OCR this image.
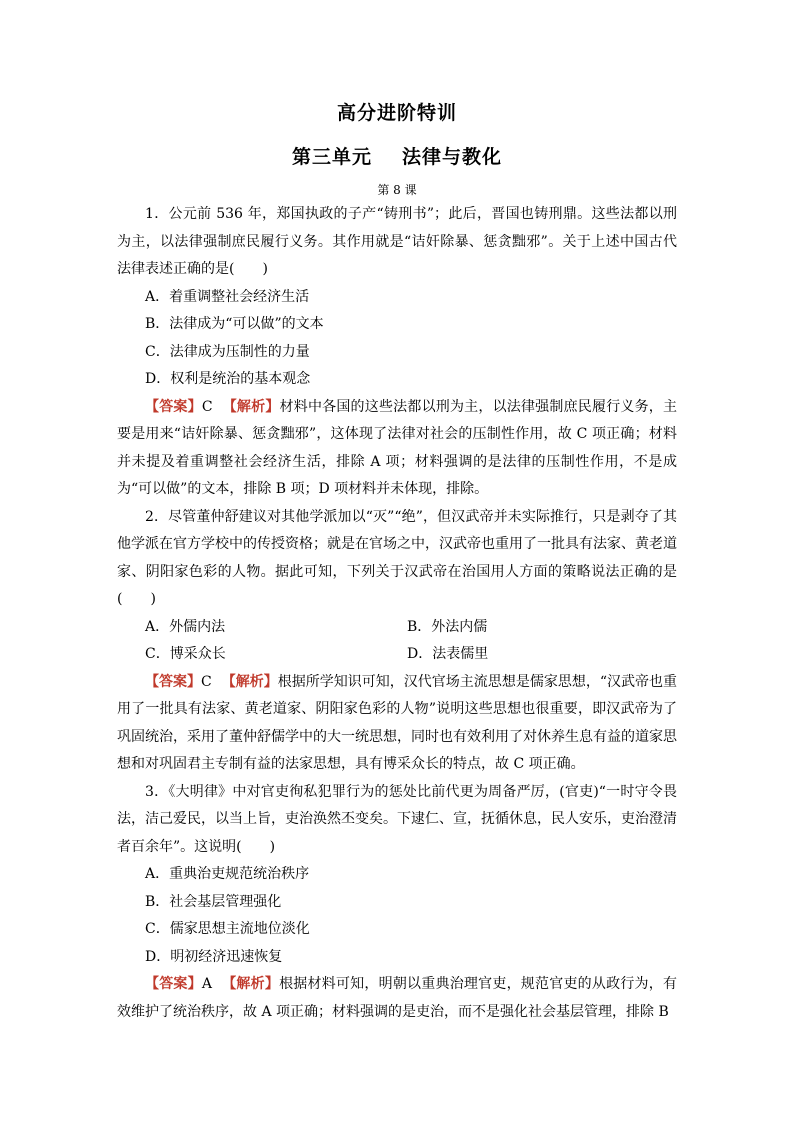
高分进阶特训
第三单元 法律与教化
第 8 课

1．公元前 536 年，郑国执政的子产“铸刑书”；此后，晋国也铸刑鼎。这些法都以刑为主，以法律强制庶民履行义务。其作用就是“诘奸除暴、惩贪黜邪”。关于上述中国古代法律表述正确的是(　　)

A．着重调整社会经济生活

B．法律成为“可以做”的文本

C．法律成为压制性的力量

D．权利是统治的基本观念

【答案】C 【解析】材料中各国的这些法都以刑为主，以法律强制庶民履行义务，主要是用来“诘奸除暴、惩贪黜邪”，这体现了法律对社会的压制性作用，故 C 项正确；材料并未提及着重调整社会经济生活，排除 A 项；材料强调的是法律的压制性作用，不是成为“可以做”的文本，排除 B 项；D 项材料并未体现，排除。

2．尽管董仲舒建议对其他学派加以“灭”“绝”，但汉武帝并未实际推行，只是剥夺了其他学派在官方学校中的传授资格；就是在官场之中，汉武帝也重用了一批具有法家、黄老道家、阴阳家色彩的人物。据此可知，下列关于汉武帝在治国用人方面的策略说法正确的是(　　)

A．外儒内法	B．外法内儒
C．博采众长	D．法表儒里

【答案】C 【解析】根据所学知识可知，汉代官场主流思想是儒家思想，“汉武帝也重用了一批具有法家、黄老道家、阴阳家色彩的人物”说明这些思想也很重要，即汉武帝为了巩固统治，采用了董仲舒儒学中的大一统思想，同时也有效利用了对休养生息有益的道家思想和对巩固君主专制有益的法家思想，具有博采众长的特点，故 C 项正确。

3．《大明律》中对官吏徇私犯罪行为的惩处比前代更为周备严厉，(官吏)“一时守令畏法，洁己爱民，以当上旨，吏治涣然丕变矣。下逮仁、宣，抚循休息，民人安乐，吏治澄清者百余年”。这说明(　　)

A．重典治吏规范统治秩序

B．社会基层管理强化

C．儒家思想主流地位淡化

D．明初经济迅速恢复

【答案】A 【解析】根据材料可知，明朝以重典治理官吏，规范官吏的从政行为，有效维护了统治秩序，故 A 项正确；材料强调的是吏治，而不是强化社会基层管理，排除 B
